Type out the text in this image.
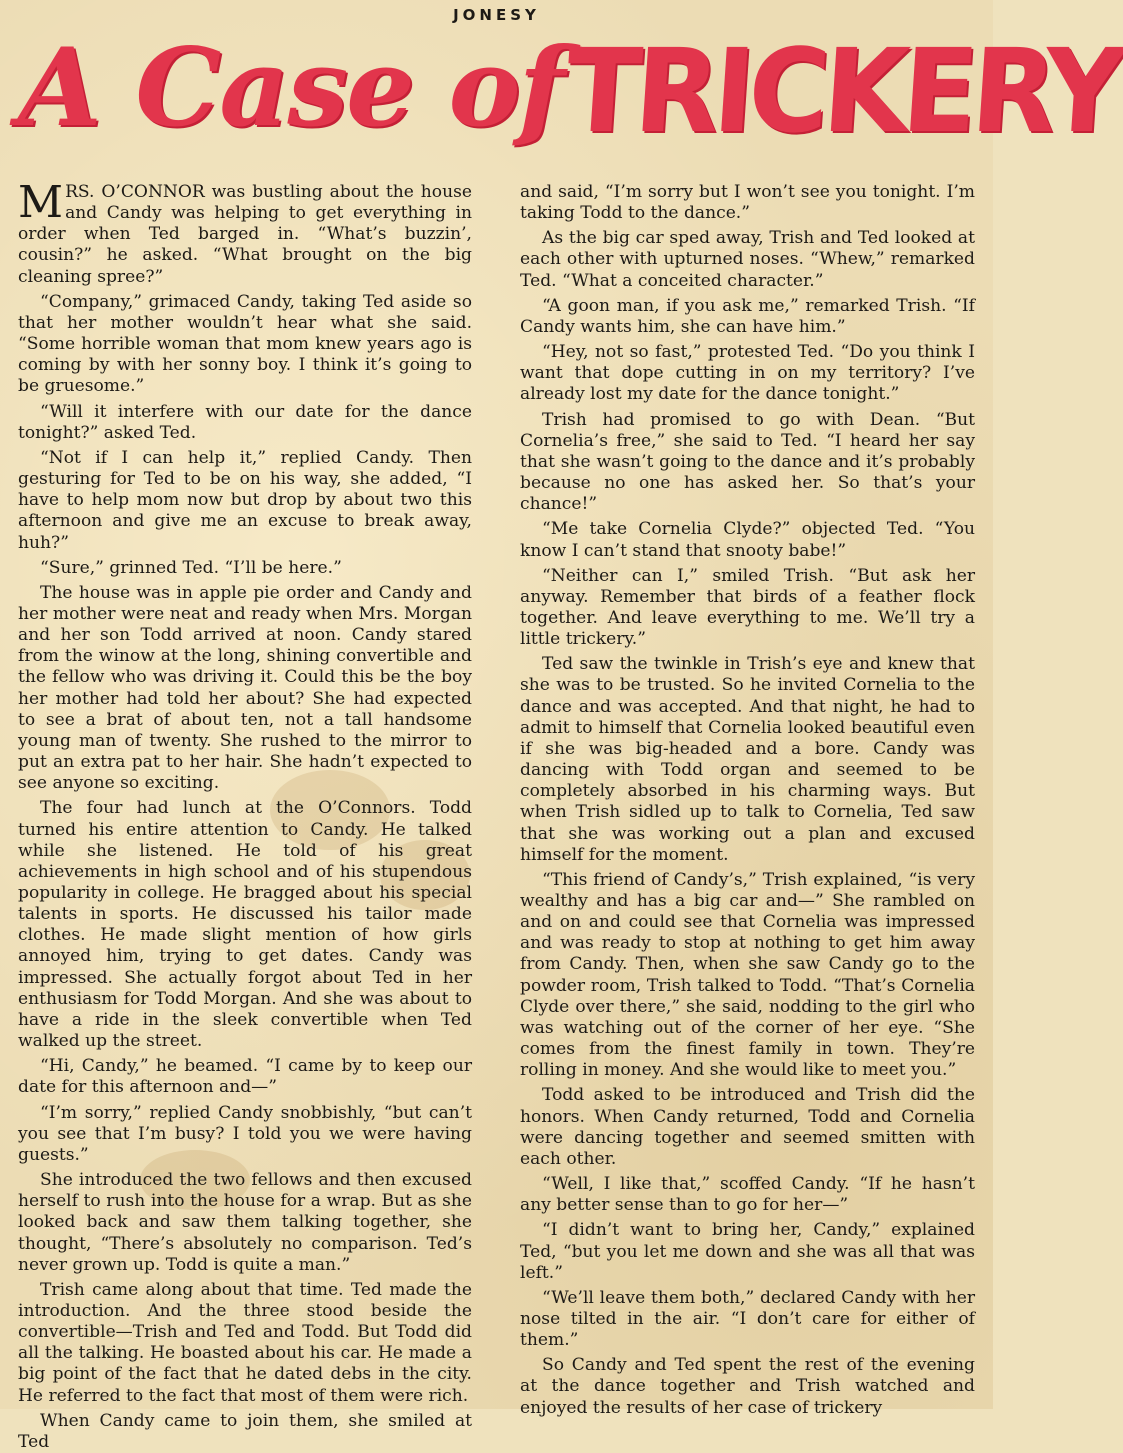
JONESY
A Case of
TRICKERY

MRS. O’CONNOR was bustling about the house and Candy was helping to get everything in order when Ted barged in. “What’s buzzin’, cousin?” he asked. “What brought on the big cleaning spree?”

“Company,” grimaced Candy, taking Ted aside so that her mother wouldn’t hear what she said. “Some horrible woman that mom knew years ago is coming by with her sonny boy. I think it’s going to be gruesome.”

“Will it interfere with our date for the dance tonight?” asked Ted.

“Not if I can help it,” replied Candy. Then gesturing for Ted to be on his way, she added, “I have to help mom now but drop by about two this afternoon and give me an excuse to break away, huh?”

“Sure,” grinned Ted. “I’ll be here.”

The house was in apple pie order and Candy and her mother were neat and ready when Mrs. Morgan and her son Todd arrived at noon. Candy stared from the winow at the long, shining convertible and the fellow who was driving it. Could this be the boy her mother had told her about? She had expected to see a brat of about ten, not a tall handsome young man of twenty. She rushed to the mirror to put an extra pat to her hair. She hadn’t expected to see anyone so exciting.

The four had lunch at the O’Connors. Todd turned his entire attention to Candy. He talked while she listened. He told of his great achievements in high school and of his stupendous popularity in college. He bragged about his special talents in sports. He discussed his tailor made clothes. He made slight mention of how girls annoyed him, trying to get dates. Candy was impressed. She actually forgot about Ted in her enthusiasm for Todd Morgan. And she was about to have a ride in the sleek convertible when Ted walked up the street.

“Hi, Candy,” he beamed. “I came by to keep our date for this afternoon and—”

“I’m sorry,” replied Candy snobbishly, “but can’t you see that I’m busy? I told you we were having guests.”

She introduced the two fellows and then excused herself to rush into the house for a wrap. But as she looked back and saw them talking together, she thought, “There’s absolutely no comparison. Ted’s never grown up. Todd is quite a man.”

Trish came along about that time. Ted made the introduction. And the three stood beside the convertible—Trish and Ted and Todd. But Todd did all the talking. He boasted about his car. He made a big point of the fact that he dated debs in the city. He referred to the fact that most of them were rich.

When Candy came to join them, she smiled at Ted

and said, “I’m sorry but I won’t see you tonight. I’m taking Todd to the dance.”

As the big car sped away, Trish and Ted looked at each other with upturned noses. “Whew,” remarked Ted. “What a conceited character.”

“A goon man, if you ask me,” remarked Trish. “If Candy wants him, she can have him.”

“Hey, not so fast,” protested Ted. “Do you think I want that dope cutting in on my territory? I’ve already lost my date for the dance tonight.”

Trish had promised to go with Dean. “But Cornelia’s free,” she said to Ted. “I heard her say that she wasn’t going to the dance and it’s probably because no one has asked her. So that’s your chance!”

“Me take Cornelia Clyde?” objected Ted. “You know I can’t stand that snooty babe!”

“Neither can I,” smiled Trish. “But ask her anyway. Remember that birds of a feather flock together. And leave everything to me. We’ll try a little trickery.”

Ted saw the twinkle in Trish’s eye and knew that she was to be trusted. So he invited Cornelia to the dance and was accepted. And that night, he had to admit to himself that Cornelia looked beautiful even if she was big-headed and a bore. Candy was dancing with Todd organ and seemed to be completely absorbed in his charming ways. But when Trish sidled up to talk to Cornelia, Ted saw that she was working out a plan and excused himself for the moment.

“This friend of Candy’s,” Trish explained, “is very wealthy and has a big car and—” She rambled on and on and could see that Cornelia was impressed and was ready to stop at nothing to get him away from Candy. Then, when she saw Candy go to the powder room, Trish talked to Todd. “That’s Cornelia Clyde over there,” she said, nodding to the girl who was watching out of the corner of her eye. “She comes from the finest family in town. They’re rolling in money. And she would like to meet you.”

Todd asked to be introduced and Trish did the honors. When Candy returned, Todd and Cornelia were dancing together and seemed smitten with each other.

“Well, I like that,” scoffed Candy. “If he hasn’t any better sense than to go for her—”

“I didn’t want to bring her, Candy,” explained Ted, “but you let me down and she was all that was left.”

“We’ll leave them both,” declared Candy with her nose tilted in the air. “I don’t care for either of them.”

So Candy and Ted spent the rest of the evening at the dance together and Trish watched and enjoyed the results of her case of trickery
